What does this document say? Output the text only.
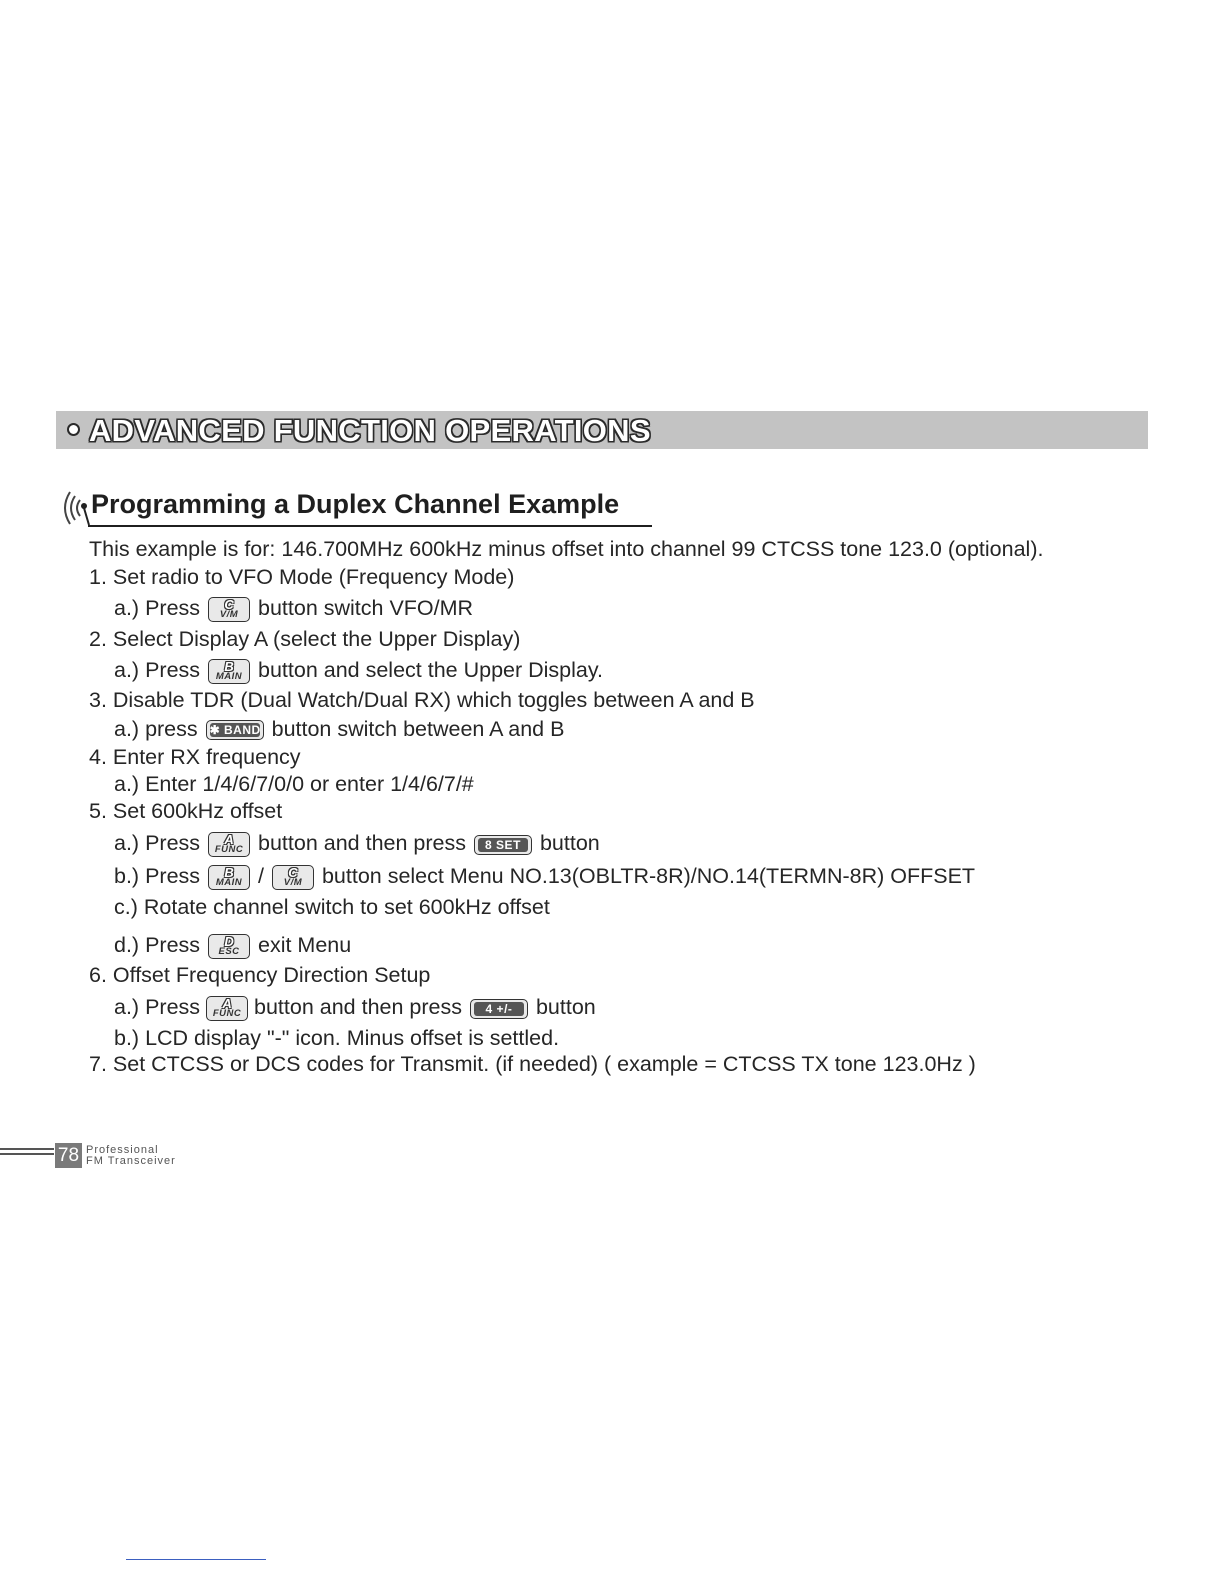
ADVANCED FUNCTION OPERATIONS
Programming a Duplex Channel Example
This example is for: 146.700MHz 600kHz minus offset into channel 99 CTCSS tone 123.0 (optional).
1. Set radio to VFO Mode (Frequency Mode)
a.) Press	C
V/M button switch VFO/MR
2. Select Display A (select the Upper Display)
a.) Press	B
MAIN button and select the Upper Display.
3. Disable TDR (Dual Watch/Dual RX) which toggles between A and B
a.) press ✱ BAND button switch between A and B
4. Enter RX frequency
a.) Enter 1/4/6/7/0/0 or enter 1/4/6/7/#
5. Set 600kHz offset
a.) Press	A
FUNC button and then press	8 SET button
b.) Press	B
MAIN /	C
V/M button select Menu NO.13(OBLTR-8R)/NO.14(TERMN-8R) OFFSET
c.) Rotate channel switch to set 600kHz offset
d.) Press	D
ESC exit Menu
6. Offset Frequency Direction Setup
a.) Press	A
FUNC button and then press	4 +/-	button
b.) LCD display "-" icon. Minus offset is settled.
7. Set CTCSS or DCS codes for Transmit. (if needed) ( example = CTCSS TX tone 123.0Hz )
78 Professional
FM Transceiver
